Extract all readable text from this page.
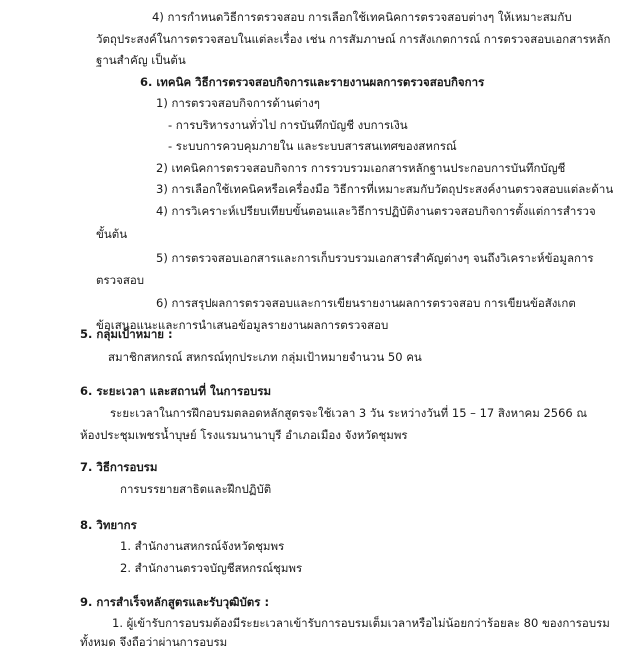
4) การกำหนดวิธีการตรวจสอบ การเลือกใช้เทคนิคการตรวจสอบต่างๆ ให้เหมาะสมกับ
วัตถุประสงค์ในการตรวจสอบในแต่ละเรื่อง เช่น การสัมภาษณ์ การสังเกตการณ์ การตรวจสอบเอกสารหลัก
ฐานสำคัญ เป็นต้น
6. เทคนิค วิธีการตรวจสอบกิจการและรายงานผลการตรวจสอบกิจการ
1) การตรวจสอบกิจการด้านต่างๆ
- การบริหารงานทั่วไป การบันทึกบัญชี งบการเงิน
- ระบบการควบคุมภายใน และระบบสารสนเทศของสหกรณ์
2) เทคนิคการตรวจสอบกิจการ การรวบรวมเอกสารหลักฐานประกอบการบันทึกบัญชี
3) การเลือกใช้เทคนิคหรือเครื่องมือ วิธีการที่เหมาะสมกับวัตถุประสงค์งานตรวจสอบแต่ละด้าน
4) การวิเคราะห์เปรียบเทียบขั้นตอนและวิธีการปฏิบัติงานตรวจสอบกิจการตั้งแต่การสำรวจ
ขั้นต้น
5) การตรวจสอบเอกสารและการเก็บรวบรวมเอกสารสำคัญต่างๆ จนถึงวิเคราะห์ข้อมูลการ
ตรวจสอบ
6) การสรุปผลการตรวจสอบและการเขียนรายงานผลการตรวจสอบ การเขียนข้อสังเกต
ข้อเสนอแนะและการนำเสนอข้อมูลรายงานผลการตรวจสอบ
5. กลุ่มเป้าหมาย :
สมาชิกสหกรณ์ สหกรณ์ทุกประเภท กลุ่มเป้าหมายจำนวน 50 คน
6. ระยะเวลา และสถานที่ ในการอบรม
ระยะเวลาในการฝึกอบรมตลอดหลักสูตรจะใช้เวลา 3 วัน ระหว่างวันที่ 15 – 17 สิงหาคม 2566 ณ
ห้องประชุมเพชรน้ำบุษย์ โรงแรมนานาบุรี อำเภอเมือง จังหวัดชุมพร
7. วิธีการอบรม
การบรรยายสาธิตและฝึกปฏิบัติ
8. วิทยากร
1. สำนักงานสหกรณ์จังหวัดชุมพร
2. สำนักงานตรวจบัญชีสหกรณ์ชุมพร
9. การสำเร็จหลักสูตรและรับวุฒิบัตร :
1. ผู้เข้ารับการอบรมต้องมีระยะเวลาเข้ารับการอบรมเต็มเวลาหรือไม่น้อยกว่าร้อยละ 80 ของการอบรม
ทั้งหมด จึงถือว่าผ่านการอบรม
